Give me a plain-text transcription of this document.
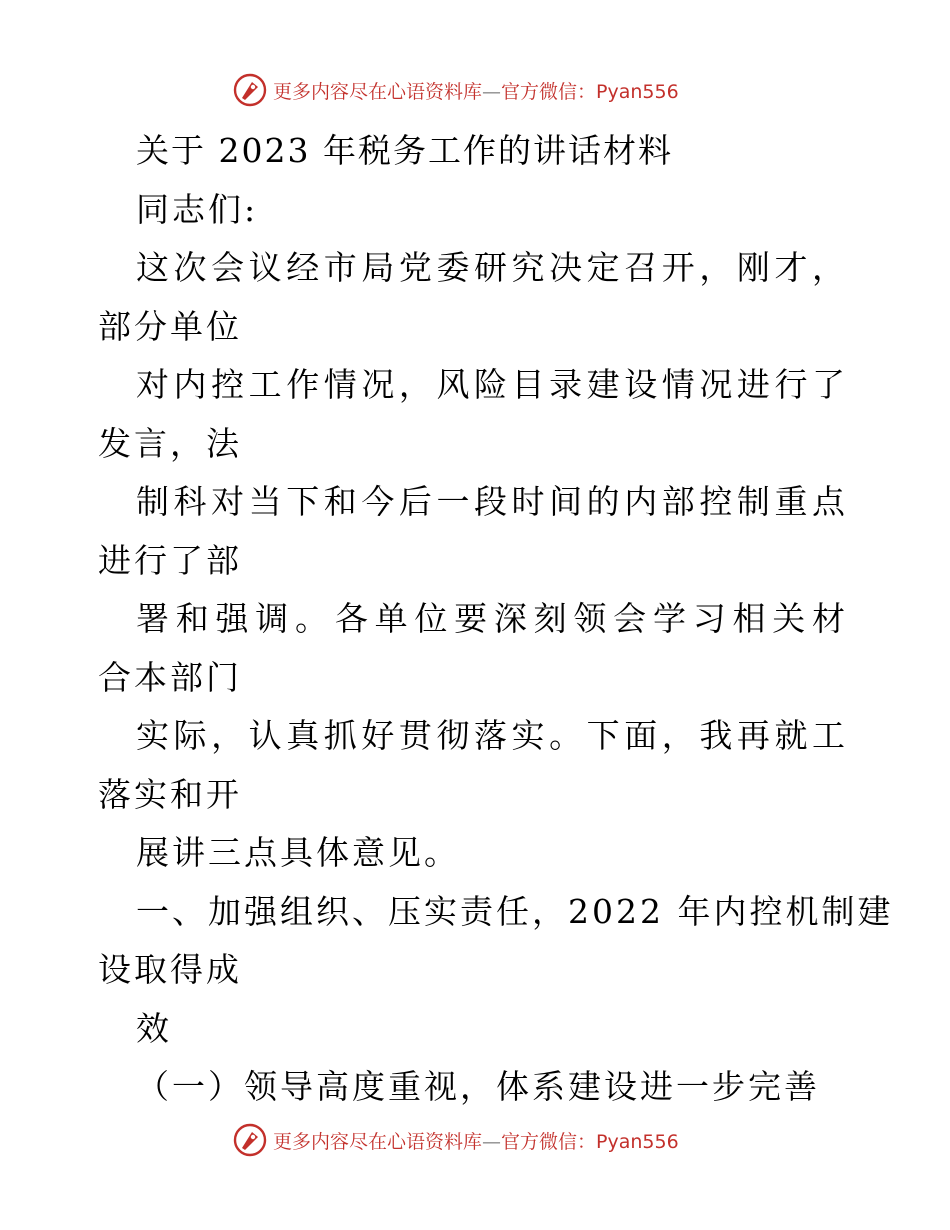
更多内容尽在心语资料库—官方微信：Pyan556
关于 2023 年税务工作的讲话材料
同志们:
这次会议经市局党委研究决定召开，刚才，
部分单位
对内控工作情况，风险目录建设情况进行了
发言，法
制科对当下和今后一段时间的内部控制重点
进行了部
署和强调。各单位要深刻领会学习相关材
合本部门
实际，认真抓好贯彻落实。下面，我再就工
落实和开
展讲三点具体意见。
一、加强组织、压实责任，2022 年内控机制建
设取得成
效
（一）领导高度重视，体系建设进一步完善
更多内容尽在心语资料库—官方微信：Pyan556
